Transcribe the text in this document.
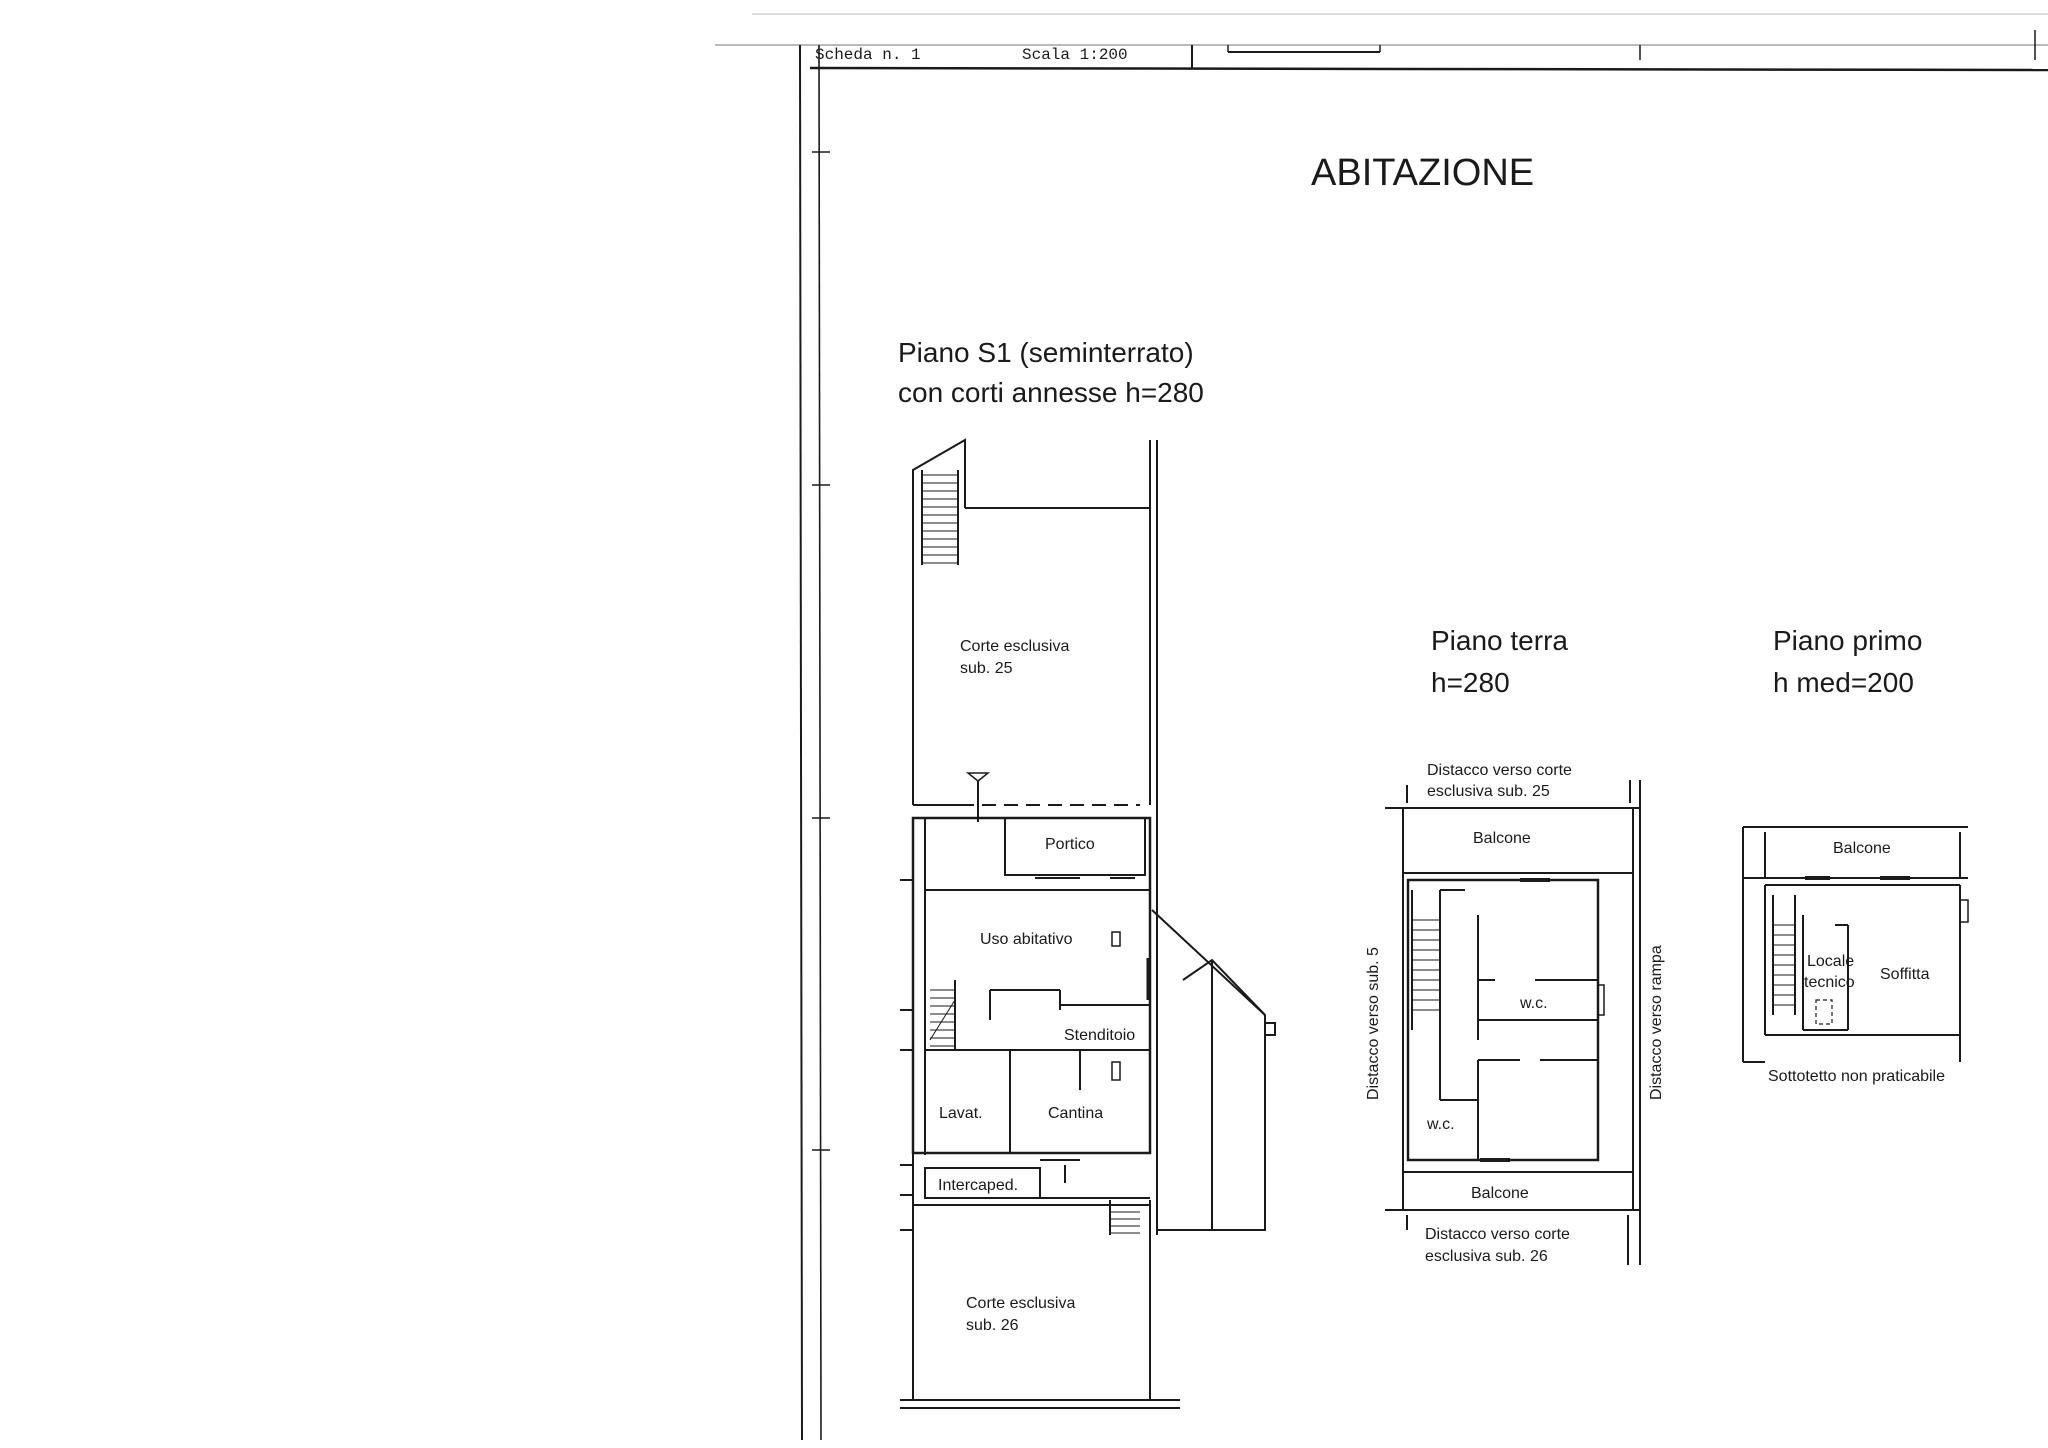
Scheda n. 1	Scala 1:200
ABITAZIONE
Piano S1 (seminterrato)
con corti annesse h=280
Corte esclusiva
sub. 25
Portico
Uso abitativo
Stenditoio
Lavat.	Cantina
Intercaped.
Corte esclusiva
sub. 26
Piano terra
h=280
Distacco verso corte
esclusiva sub. 25
Balcone
w.c.
w.c.
Balcone
Distacco verso corte
esclusiva sub. 26
Distacco verso sub. 5	Distacco verso rampa
Piano primo
h med=200
Balcone
Locale
tecnico Soffitta
Sottotetto non praticabile
